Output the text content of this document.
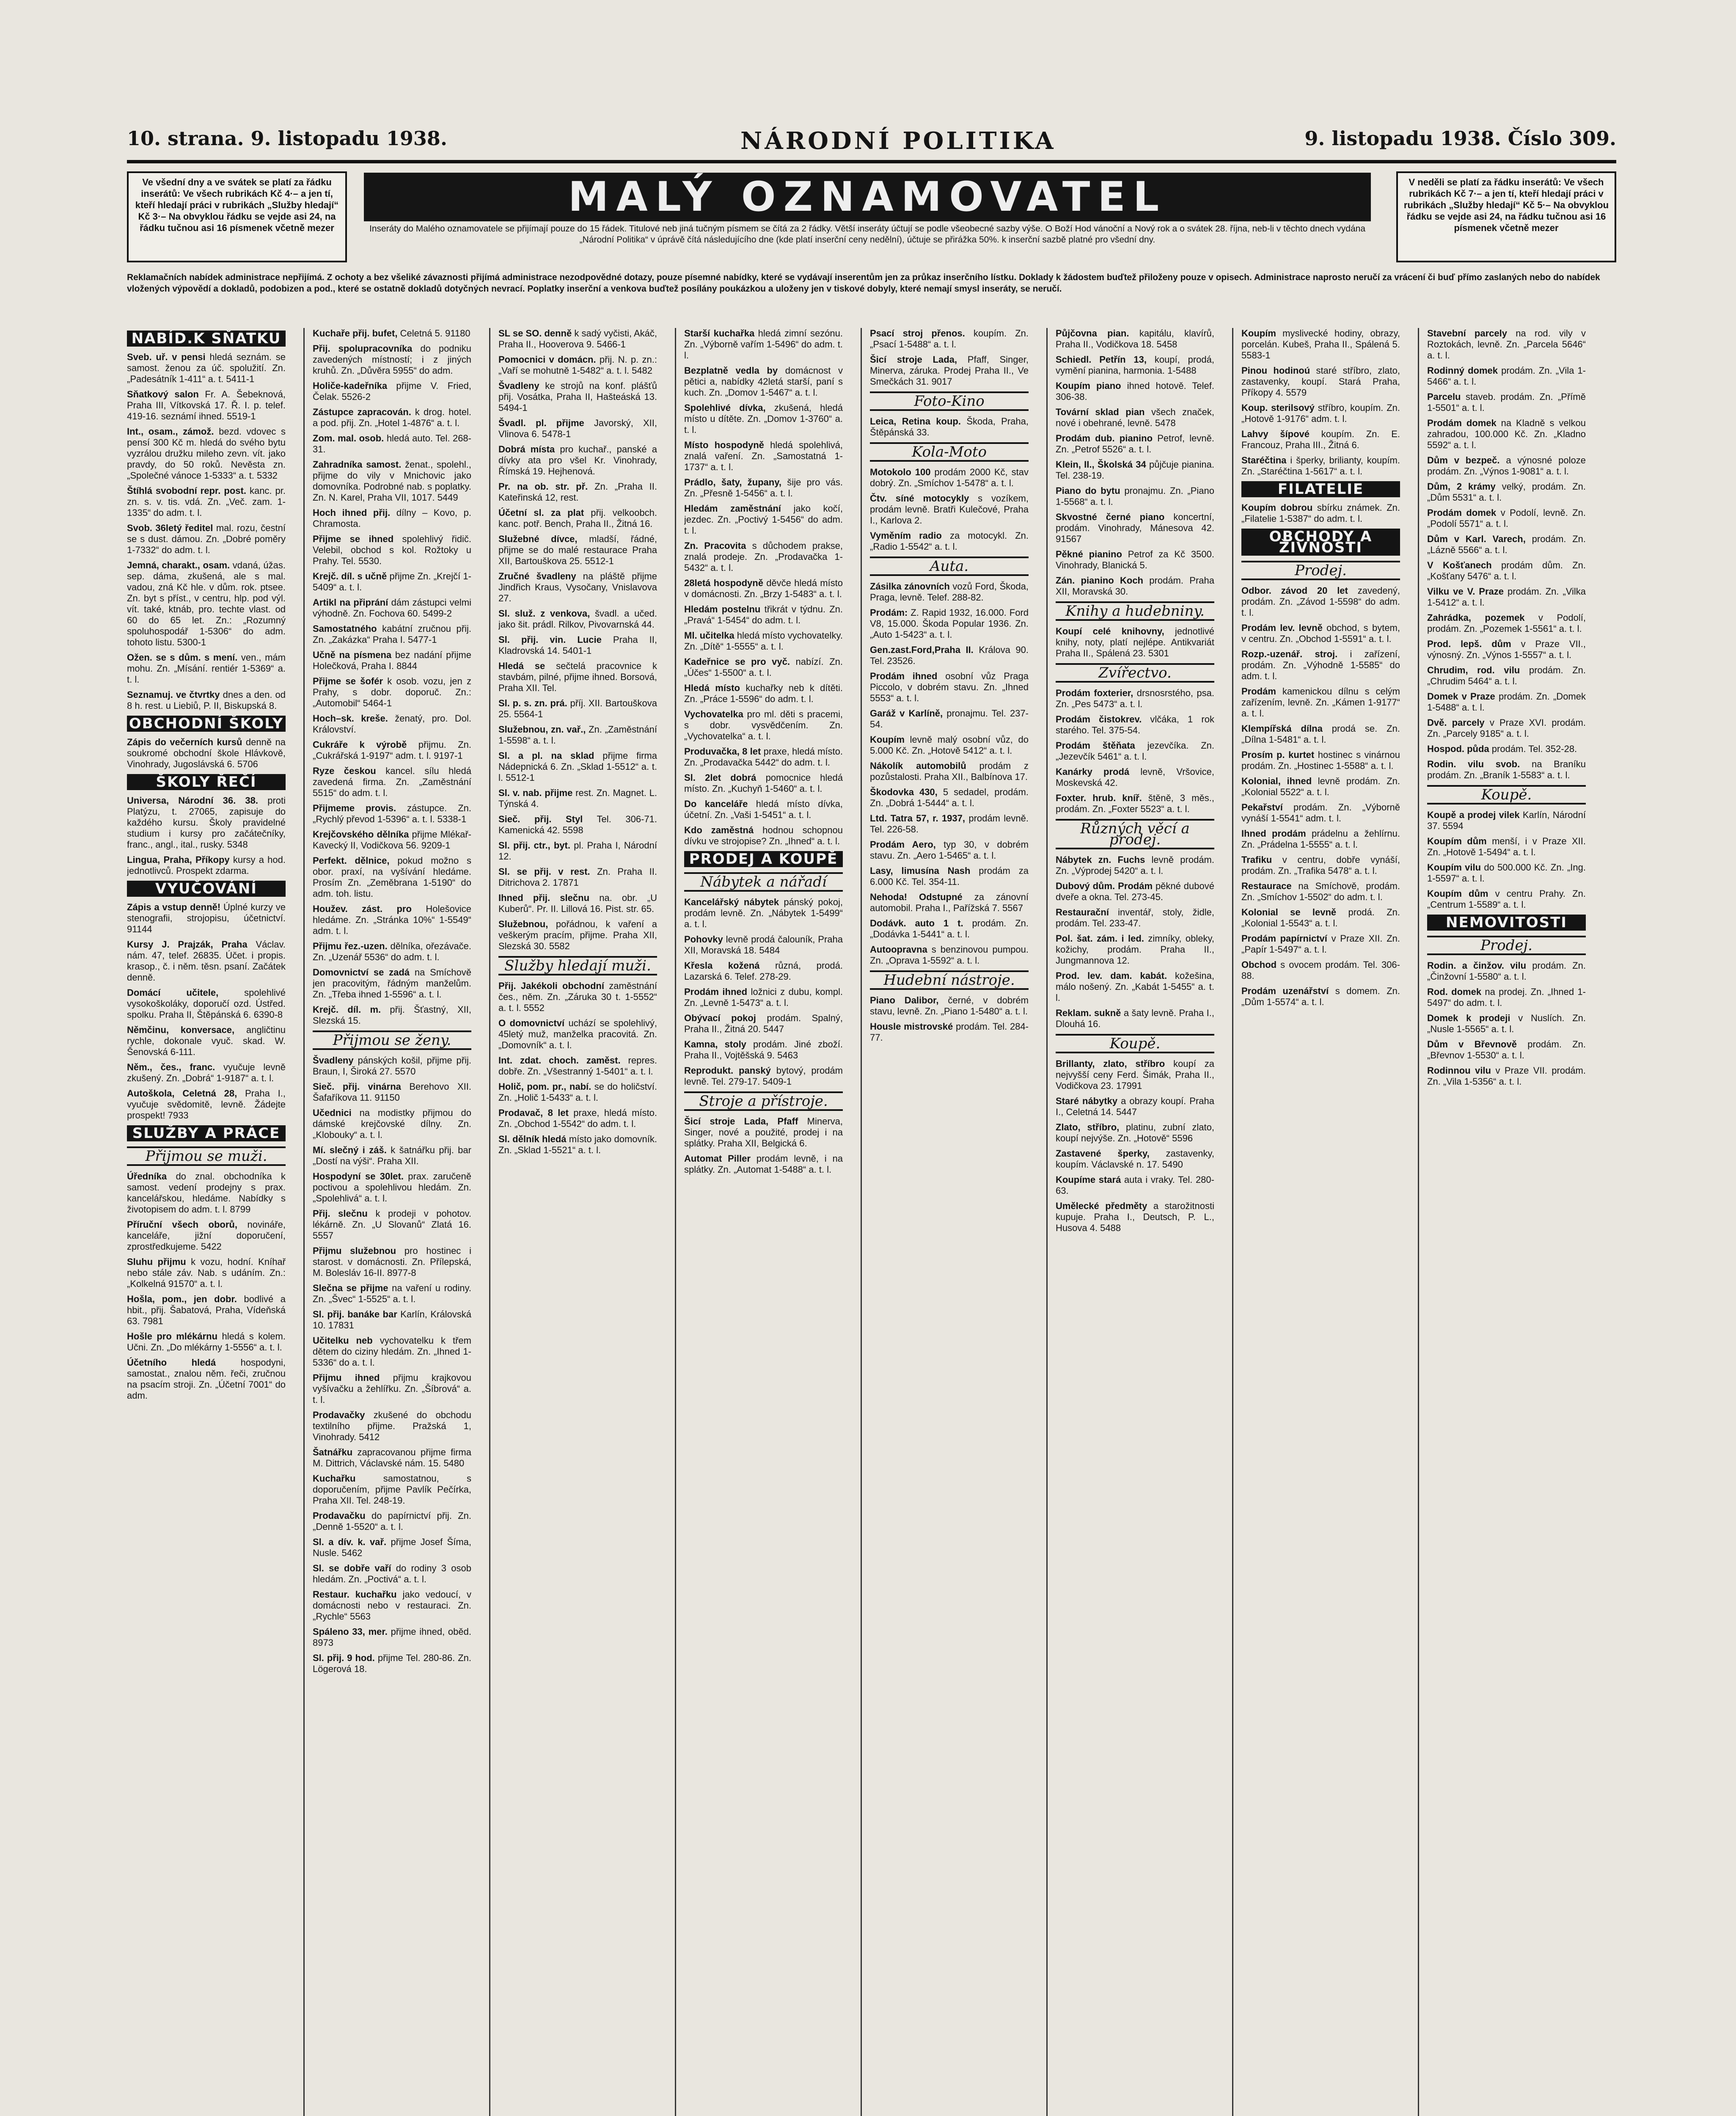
10. strana. 9. listopadu 1938.	NÁRODNÍ POLITIKA	9. listopadu 1938. Číslo 309.
Ve všední dny a ve svátek se platí za řádku inserátů: Ve všech rubrikách Kč 4·– a jen tí, kteří hledají práci v rubrikách „Služby hledají“ Kč 3·– Na obvyklou řádku se vejde asi 24, na řádku tučnou asi 16 písmenek včetně mezer
MALÝ OZNAMOVATEL
Inseráty do Malého oznamovatele se přijímají pouze do 15 řádek. Titulové neb jiná tučným písmem se čítá za 2 řádky. Větší inseráty účtují se podle všeobecné sazby výše. O Boží Hod vánoční a Nový rok a o svátek 28. října, neb-li v těchto dnech vydána „Národní Politika“ v úprávě čítá následujícího dne (kde platí inserční ceny nedělní), účtuje se přirážka 50%. k inserční sazbě platné pro všední dny.
V neděli se platí za řádku inserátů: Ve všech rubrikách Kč 7·– a jen tí, kteří hledají práci v rubrikách „Služby hledají“ Kč 5·– Na obvyklou řádku se vejde asi 24, na řádku tučnou asi 16 písmenek včetně mezer
Reklamačních nabídek administrace nepřijímá. Z ochoty a bez všeliké závaznosti přijímá administrace nezodpovědné dotazy, pouze písemné nabídky, které se vydávají inserentům jen za průkaz inserčního lístku. Doklady k žádostem buďtež přiloženy pouze v opisech. Administrace naprosto neručí za vrácení či buď přímo zaslaných nebo do nabídek vložených výpovědí a dokladů, podobizen a pod., které se ostatně dokladů dotyčných nevrací. Poplatky inserční a venkova buďtež posílány poukázkou a uloženy jen v tiskové dobyly, které nemají smysl inseráty, se neručí.
NABÍD.K SŇATKU
Sveb. uř. v pensi hledá seznám. se samost. ženou za úč. spolužití. Zn. „Padesátník 1-411“ a. t. 5411-1
Sňatkový salon Fr. A. Šebeknová, Praha III, Vítkovská 17. Ř. I. p. telef. 419-16. seznámí ihned. 5519-1
Int., osam., zámož. bezd. vdovec s pensí 300 Kč m. hledá do svého bytu vyzrálou družku mileho zevn. vít. jako pravdy, do 50 roků. Nevěsta zn. „Společné vánoce 1-5333“ a. t. 5332
Štíhlá svobodní repr. post. kanc. pr. zn. s. v. tis. vdá. Zn. „Več. zam. 1-1335“ do adm. t. l.
Svob. 36letý ředitel mal. rozu, čestní se s dust. dámou. Zn. „Dobré poměry 1-7332“ do adm. t. l.
Jemná, charakt., osam. vdaná, úžas. sep. dáma, zkušená, ale s mal. vadou, zná Kč hle. v dům. rok. ptsee. Zn. byt s příst., v centru, hlp. pod výl. vít. také, ktnáb, pro. techte vlast. od 60 do 65 let. Zn.: „Rozumný spoluhospodář 1-5306“ do adm. tohoto listu. 5300-1
Ožen. se s dům. s mení. ven., mám mohu. Zn. „Mísání. rentiér 1-5369“ a. t. l.
Seznamuj. ve čtvrtky dnes a den. od 8 h. rest. u Liebiů, P. II, Biskupská 8.
OBCHODNÍ ŠKOLY
Zápis do večerních kursů denně na soukromé obchodní škole Hlávkově, Vinohrady, Jugoslávská 6. 5706
ŠKOLY ŘEČÍ
Universa, Národní 36. 38. proti Platýzu, t. 27065, zapisuje do každého kursu. Školy pravidelné studium i kursy pro začátečníky, franc., angl., ital., rusky. 5348
Lingua, Praha, Příkopy kursy a hod. jednotlivců. Prospekt zdarma.
VYUČOVÁNÍ
Zápis a vstup denně! Úplné kurzy ve stenografii, strojopisu, účetnictví. 91144
Kursy J. Prajzák, Praha Václav. nám. 47, telef. 26835. Účet. i propis. krasop., č. i něm. těsn. psaní. Začátek denně.
Domácí učitele,	spolehlivé vysokoškoláky, doporučí ozd. Ústřed. spolku. Praha II, Štěpánská 6. 6390-8
Němčinu, konversace, angličtinu rychle, dokonale vyuč. skad. W. Šenovská 6-111.
Něm., čes., franc. vyučuje levně zkušený. Zn. „Dobrá“ 1-9187“ a. t. l.
Autoškola, Celetná 28, Praha I., vyučuje svědomitě, levně. Žádejte prospekt! 7933
SLUŽBY A PRÁCE
Přijmou se muži.
Úředníka do znal. obchodníka k samost. vedení prodejny s prax. kancelářskou, hledáme. Nabídky s životopisem do adm. t. l. 8799
Příruční všech oborů, novináře, kanceláře, jižní doporučení, zprostředkujeme. 5422
Sluhu přijmu k vozu, hodní. Kníhař nebo stále záv. Nab. s udáním. Zn.: „Kolkelná 91570“ a. t. l.
Hošla, pom., jen dobr. bodlivé a hbit., přij. Šabatová, Praha, Vídeňská 63. 7981
Hošle pro mlékárnu hledá s kolem. Učni. Zn. „Do mlékárny 1-5556“ a. t. l.
Účetního hledá	hospodyni, samostat., znalou něm. řeči, zručnou na psacím stroji. Zn. „Účetní 7001“ do adm.
Kuchaře přij. bufet, Celetná 5. 91180
Přij. spolupracovníka do podniku zavedených místností; i z jiných kruhů. Zn. „Důvěra 5955“ do adm.
Holiče-kadeřníka přijme V. Fried, Čelak. 5526-2
Zástupce zapracován. k drog. hotel. a pod. přij. Zn. „Hotel 1-4876“ a. t. l.
Zom. mal. osob. hledá auto. Tel. 268-31.
Zahradníka samost. ženat., spolehl., přijme do vily v Mnichovic jako domovníka. Podrobné nab. s poplatky. Zn. N. Karel, Praha VII, 1017. 5449
Hoch ihned přij. dílny – Kovo, p. Chramosta.
Přijme se ihned spolehlivý řidič. Velebil, obchod s kol. Rožtoky u Prahy. Tel. 5530.
Krejč. díl. s učně přijme Zn. „Krejčí 1-5409“ a. t. l.
Artikl na připrání dám zástupci velmi výhodně. Zn. Fochova 60. 5499-2
Samostatného kabátní zručnou přij. Zn. „Zakázka“ Praha I. 5477-1
Učně na písmena bez nadání přijme Holečková, Praha I. 8844
Přijme se šofér k osob. vozu, jen z Prahy, s dobr. doporuč. Zn.: „Automobil“ 5464-1
Hoch–sk. kreše. ženatý, pro. Dol. Království.
Cukráře k výrobě přijmu. Zn. „Cukrářská 1-9197“ adm. t. l. 9197-1
Ryze českou kancel. sílu hledá zavedená firma. Zn. „Zaměstnání 5515“ do adm. t. l.
Přijmeme provis. zástupce. Zn. „Rychlý převod 1-5396“ a. t. l. 5338-1
Krejčovského dělníka přijme Mlékař-Kavecký II, Vodičkova 56. 9209-1
Perfekt. dělnice, pokud možno s obor. praxí, na vyšívání hledáme. Prosím Zn. „Zeměbrana 1-5190“ do adm. toh. listu.
Houžev. zást. pro Holešovice hledáme. Zn. „Stránka 10%“ 1-5549“ adm. t. l.
Přijmu řez.-uzen. dělníka, ořezávače. Zn. „Uzenář 5536“ do adm. t. l.
Domovnictví se zadá na Smíchově jen pracovitým, řádným manželům. Zn. „Třeba ihned 1-5596“ a. t. l.
Krejč. díl. m. přij. Šťastný, XII, Slezská 15.
Přijmou se ženy.
Švadleny pánských košil, přijme přij. Braun, I, Široká 27. 5570
Sieč. přij. vinárna Berehovo XII. Šafaříkova 11. 91150
Učednici na modistky přijmou do dámské krejčovské dílny. Zn. „Klobouky“ a. t. l.
Mí. slečný i záš. k šatnářku přij. bar „Dostí na výši“. Praha XII.
Hospodyní se 30let. prax. zaručeně poctivou a spolehlivou hledám. Zn. „Spolehlivá“ a. t. l.
Přij. slečnu k prodeji v pohotov. lékárně. Zn. „U Slovanů“ Zlatá 16. 5557
Přijmu služebnou pro hostinec i starost. v domácnosti. Zn. Přílepská, M. Bolesláv 16-II. 8977-8
Slečna se přijme na vaření u rodiny. Zn. „Švec“ 1-5525“ a. t. l.
Sl. přij. banáke bar Karlín, Královská 10. 17831
Učitelku neb vychovatelku k třem dětem do ciziny hledám. Zn. „Ihned 1-5336“ do a. t. l.
Přijmu ihned přijmu krajkovou vyšívačku a žehlířku. Zn. „Šíbrová“ a. t. l.
Prodavačky zkušené do obchodu textilního přijme. Pražská 1, Vinohrady. 5412
Šatnářku zapracovanou přijme firma M. Dittrich, Václavské nám. 15. 5480
Kuchařku	samostatnou, s doporučením, přijme Pavlík Pečírka, Praha XII. Tel. 248-19.
Prodavačku do papírnictví přij. Zn. „Denně 1-5520“ a. t. l.
Sl. a dív. k. vař. přijme Josef Šíma, Nusle. 5462
Sl. se dobře vaří do rodiny 3 osob hledám. Zn. „Poctivá“ a. t. l.
Restaur. kuchařku jako vedoucí, v domácnosti nebo v restauraci. Zn. „Rychle“ 5563
Spáleno 33, mer. přijme ihned, oběd. 8973
Sl. přij. 9 hod. přijme Tel. 280-86. Zn. Lögerová 18.
SL se SO. denně k sadý vyčisti, Akáč, Praha II., Hooverova 9. 5466-1
Pomocnici v domácn. přij. N. p. zn.: „Vaří se mohutně 1-5482“ a. t. l. 5482
Švadleny ke strojů na konf. plášťů přij. Vosátka, Praha II, Hašteáská 13. 5494-1
Švadl. pl. přijme Javorský, XII, Vlinova 6. 5478-1
Dobrá místa pro kuchař., panské a dívky ata pro všel Kr. Vinohrady, Římská 19. Hejhenová.
Pr. na ob. str. př. Zn. „Praha II. Kateřinská 12, rest.
Účetní sl. za plat přij. velkoobch. kanc. potř. Bench, Praha II., Žitná 16.
Služebné dívce, mladší, řádné, přijme se do malé restaurace Praha XII, Bartouškova 25. 5512-1
Zručné švadleny na pláště přijme Jindřich Kraus, Vysočany, Vnislavova 27.
Sl. služ. z venkova, švadl. a učed. jako šit. prádl. Rilkov, Pivovarnská 44.
Sl. přij. vin. Lucie Praha II, Kladrovská 14. 5401-1
Hledá se sečtelá pracovnice k stavbám, pilné, přijme ihned. Borsová, Praha XII. Tel.
Sl. p. s. zn. prá. příj. XII. Bartouškova 25. 5564-1
Služebnou, zn. vař., Zn. „Zaměstnání 1-5598“ a. t. l.
Sl. a pl. na sklad přijme firma Nádepnická 6. Zn. „Sklad 1-5512“ a. t. l. 5512-1
Sl. v. nab. přijme rest. Zn. Magnet. L. Týnská 4.
Sieč. přij. Styl Tel. 306-71. Kamenická 42. 5598
Sl. přij. ctr., byt. pl. Praha I, Národní 12.
Sl. se přij. v rest. Zn. Praha II. Ditrichova 2. 17871
Ihned přij. slečnu na. obr. „U Kuberů“. Pr. II. Lillová 16. Pist. str. 65.
Služebnou, pořádnou, k vaření a veškerým pracím, přijme. Praha XII, Slezská 30. 5582
Služby hledají muži.
Přij. Jakékoli obchodní zaměstnání čes., něm. Zn. „Záruka 30 t. 1-5552“ a. t. l. 5552
O domovnictví uchází se spolehlivý, 45letý muž, manželka pracovitá. Zn. „Domovník“ a. t. l.
Int. zdat. choch. zaměst. repres. dobře. Zn. „Všestranný 1-5401“ a. t. l.
Holič, pom. pr., nabí. se do holičství. Zn. „Holič 1-5433“ a. t. l.
Prodavač, 8 let praxe, hledá místo. Zn. „Obchod 1-5542“ do adm. t. l.
Sl. dělník hledá místo jako domovník. Zn. „Sklad 1-5521“ a. t. l.
Starší kuchařka hledá zimní sezónu. Zn. „Výborně vařím 1-5496“ do adm. t. l.
Bezplatně vedla by domácnost v pětici a, nabídky 42letá starší, paní s kuch. Zn. „Domov 1-5467“ a. t. l.
Spolehlivé dívka, zkušená, hledá místo u dítěte. Zn. „Domov 1-3760“ a. t. l.
Místo hospodyně hledá spolehlivá, znalá vaření. Zn. „Samostatná 1-1737“ a. t. l.
Prádlo, šaty, župany, šije pro vás. Zn. „Přesně 1-5456“ a. t. l.
Hledám zaměstnání jako kočí, jezdec. Zn. „Poctivý 1-5456“ do adm. t. l.
Zn. Pracovita s důchodem prakse, znalá prodeje. Zn. „Prodavačka 1-5432“ a. t. l.
28letá hospodyně děvče hledá místo v domácnosti. Zn. „Brzy 1-5483“ a. t. l.
Hledám postelnu třikrát v týdnu. Zn. „Pravá“ 1-5454“ do adm. t. l.
Ml. učitelka hledá místo vychovatelky. Zn. „Dítě“ 1-5555“ a. t. l.
Kadeřnice se pro vyč. nabízí. Zn. „Účes“ 1-5500“ a. t. l.
Hledá místo kuchařky neb k dítěti. Zn. „Práce 1-5596“ do adm. t. l.
Vychovatelka pro ml. děti s pracemi, s dobr. vysvědčením. Zn. „Vychovatelka“ a. t. l.
Produvačka, 8 let praxe, hledá místo. Zn. „Prodavačka 5442“ do adm. t. l.
Sl. 2let dobrá pomocnice hledá místo. Zn. „Kuchyň 1-5460“ a. t. l.
Do kanceláře hledá místo dívka, účetní. Zn. „Vaši 1-5451“ a. t. l.
Kdo zaměstná hodnou schopnou dívku ve strojopise? Zn. „Ihned“ a. t. l.
PRODEJ A KOUPĚ
Nábytek a nářadí
Kancelářský nábytek pánský pokoj, prodám levně. Zn. „Nábytek 1-5499“ a. t. l.
Pohovky levně prodá čalouník, Praha XII, Moravská 18. 5484
Křesla kožená různá, prodá. Lazarská 6. Telef. 278-29.
Prodám ihned ložnici z dubu, kompl. Zn. „Levně 1-5473“ a. t. l.
Obývací pokoj prodám. Spalný, Praha II., Žitná 20. 5447
Kamna, stoly prodám. Jiné zboží. Praha II., Vojtěšská 9. 5463
Reprodukt. panský bytový, prodám levně. Tel. 279-17. 5409-1
Stroje a přístroje.
Šicí stroje Lada, Pfaff Minerva, Singer, nové a použité, prodej i na splátky. Praha XII, Belgická 6.
Automat Piller prodám levně, i na splátky. Zn. „Automat 1-5488“ a. t. l.
Psací stroj přenos. koupím. Zn. „Psací 1-5488“ a. t. l.
Šicí stroje Lada, Pfaff, Singer, Minerva, záruka. Prodej Praha II., Ve Smečkách 31. 9017
Foto-Kino
Leica, Retina koup. Škoda, Praha, Štěpánská 33.
Kola-Moto
Motokolo 100 prodám 2000 Kč, stav dobrý. Zn. „Smíchov 1-5478“ a. t. l.
Čtv. síné motocykly s vozíkem, prodám levně. Bratři Kulečové, Praha I., Karlova 2.
Vyměním radio za motocykl. Zn. „Radio 1-5542“ a. t. l.
Auta.
Zásilka zánovních vozů Ford, Škoda, Praga, levně. Telef. 288-82.
Prodám: Z. Rapid 1932, 16.000. Ford V8, 15.000. Škoda Popular 1936. Zn. „Auto 1-5423“ a. t. l.
Gen.zast.Ford,Praha II. Králova 90. Tel. 23526.
Prodám ihned osobní vůz Praga Piccolo, v dobrém stavu. Zn. „Ihned 5553“ a. t. l.
Garáž v Karlíně, pronajmu. Tel. 237-54.
Koupím levně malý osobní vůz, do 5.000 Kč. Zn. „Hotově 5412“ a. t. l.
Nákolík automobilů prodám z pozůstalosti. Praha XII., Balbínova 17.
Škodovka 430, 5 sedadel, prodám. Zn. „Dobrá 1-5444“ a. t. l.
Ltd. Tatra 57, r. 1937, prodám levně. Tel. 226-58.
Prodám Aero, typ 30, v dobrém stavu. Zn. „Aero 1-5465“ a. t. l.
Lasy, limusína Nash prodám za 6.000 Kč. Tel. 354-11.
Nehoda! Odstupné za zánovní automobil. Praha I., Pařížská 7. 5567
Dodávk. auto 1 t. prodám. Zn. „Dodávka 1-5441“ a. t. l.
Autoopravna s benzinovou pumpou. Zn. „Oprava 1-5592“ a. t. l.
Hudební nástroje.
Piano Dalibor, černé, v dobrém stavu, levně. Zn. „Piano 1-5480“ a. t. l.
Housle mistrovské prodám. Tel. 284-77.
Půjčovna pian. kapitálu, klavírů, Praha II., Vodičkova 18. 5458
Schiedl. Petřín 13, koupí, prodá, vymění pianina, harmonia. 1-5488
Koupím piano ihned hotově. Telef. 306-38.
Tovární sklad pian všech značek, nové i obehrané, levně. 5478
Prodám dub. pianino Petrof, levně. Zn. „Petrof 5526“ a. t. l.
Klein, II., Školská 34 půjčuje pianina. Tel. 238-19.
Piano do bytu pronajmu. Zn. „Piano 1-5568“ a. t. l.
Skvostné černé piano koncertní, prodám. Vinohrady, Mánesova 42. 91567
Pěkné pianino Petrof za Kč 3500. Vinohrady, Blanická 5.
Zán. pianino Koch prodám. Praha XII, Moravská 30.
Knihy a hudebniny.
Koupí celé knihovny, jednotlivé knihy, noty, platí nejlépe. Antikvariát Praha II., Spálená 23. 5301
Zvířectvo.
Prodám foxterier, drsnosrstého, psa. Zn. „Pes 5473“ a. t. l.
Prodám čistokrev. vlčáka, 1 rok starého. Tel. 375-54.
Prodám štěňata jezevčíka. Zn. „Jezevčík 5461“ a. t. l.
Kanárky prodá levně, Vršovice, Moskevská 42.
Foxter. hrub. kníř. štěně, 3 měs., prodám. Zn. „Foxter 5523“ a. t. l.
Různých věcí a prodej.
Nábytek zn. Fuchs levně prodám. Zn. „Výprodej 5420“ a. t. l.
Dubový dům. Prodám pěkné dubové dveře a okna. Tel. 273-45.
Restaurační inventář, stoly, židle, prodám. Tel. 233-47.
Pol. šat. zám. i led. zimníky, obleky, kožichy, prodám. Praha II., Jungmannova 12.
Prod. lev. dam. kabát. kožešina, málo nošený. Zn. „Kabát 1-5455“ a. t. l.
Reklam. sukně a šaty levně. Praha I., Dlouhá 16.
Koupě.
Brillanty, zlato, stříbro koupí za nejvyšší ceny Ferd. Šimák, Praha II., Vodičkova 23. 17991
Staré nábytky a obrazy koupí. Praha I., Celetná 14. 5447
Zlato, stříbro, platinu, zubní zlato, koupí nejvýše. Zn. „Hotově“ 5596
Zastavené šperky, zastavenky, koupím. Václavské n. 17. 5490
Koupíme stará auta i vraky. Tel. 280-63.
Umělecké předměty a starožitnosti kupuje. Praha I., Deutsch, P. L., Husova 4. 5488
Koupím myslivecké hodiny, obrazy, porcelán. Kubeš, Praha II., Spálená 5. 5583-1
Pinou hodinoú staré stříbro, zlato, zastavenky, koupí. Stará Praha, Příkopy 4. 5579
Koup. sterilsový stříbro, koupím. Zn. „Hotově 1-9176“ adm. t. l.
Lahvy šípové koupím. Zn. E. Francouz, Praha III., Žitná 6.
Staréčtina i šperky, brilianty, koupím. Zn. „Staréčtina 1-5617“ a. t. l.
FILATELIE
Koupím dobrou sbírku známek. Zn. „Filatelie 1-5387“ do adm. t. l.
OBCHODY A ŽIVNOSTI
Prodej.
Odbor. závod 20 let zavedený, prodám. Zn. „Závod 1-5598“ do adm. t. l.
Prodám lev. levně obchod, s bytem, v centru. Zn. „Obchod 1-5591“ a. t. l.
Rozp.-uzenář. stroj. i zařízení, prodám. Zn. „Výhodně 1-5585“ do adm. t. l.
Prodám kamenickou dílnu s celým zařízením, levně. Zn. „Kámen 1-9177“ a. t. l.
Klempířská dílna prodá se. Zn. „Dílna 1-5481“ a. t. l.
Prosím p. kurtet hostinec s vinárnou prodám. Zn. „Hostinec 1-5588“ a. t. l.
Kolonial, ihned levně prodám. Zn. „Kolonial 5522“ a. t. l.
Pekařství prodám. Zn. „Výborně vynáší 1-5541“ adm. t. l.
Ihned prodám prádelnu a žehlírnu. Zn. „Prádelna 1-5555“ a. t. l.
Trafiku v centru, dobře vynáší, prodám. Zn. „Trafika 5478“ a. t. l.
Restaurace na Smíchově, prodám. Zn. „Smíchov 1-5502“ do adm. t. l.
Kolonial se levně prodá. Zn. „Kolonial 1-5543“ a. t. l.
Prodám papírnictví v Praze XII. Zn. „Papír 1-5497“ a. t. l.
Obchod s ovocem prodám. Tel. 306-88.
Prodám uzenářství s domem. Zn. „Dům 1-5574“ a. t. l.
Stavební parcely na rod. vily v Roztokách, levně. Zn. „Parcela 5646“ a. t. l.
Rodinný domek prodám. Zn. „Vila 1-5466“ a. t. l.
Parcelu staveb. prodám. Zn. „Přímě 1-5501“ a. t. l.
Prodám domek na Kladně s velkou zahradou, 100.000 Kč. Zn. „Kladno 5592“ a. t. l.
Dům v bezpeč. a výnosné poloze prodám. Zn. „Výnos 1-9081“ a. t. l.
Dům, 2 krámy velký, prodám. Zn. „Dům 5531“ a. t. l.
Prodám domek v Podolí, levně. Zn. „Podolí 5571“ a. t. l.
Dům v Karl. Varech, prodám. Zn. „Lázně 5566“ a. t. l.
V Košťanech prodám dům. Zn. „Košťany 5476“ a. t. l.
Vilku ve V. Praze prodám. Zn. „Vilka 1-5412“ a. t. l.
Zahrádka, pozemek v Podolí, prodám. Zn. „Pozemek 1-5561“ a. t. l.
Prod. lepš. dům v Praze VII., výnosný. Zn. „Výnos 1-5557“ a. t. l.
Chrudim, rod. vilu prodám. Zn. „Chrudim 5464“ a. t. l.
Domek v Praze prodám. Zn. „Domek 1-5488“ a. t. l.
Dvě. parcely v Praze XVI. prodám. Zn. „Parcely 9185“ a. t. l.
Hospod. půda prodám. Tel. 352-28.
Rodin. vilu svob. na Braníku prodám. Zn. „Braník 1-5583“ a. t. l.
Koupě.
Koupě a prodej vilek Karlín, Národní 37. 5594
Koupím dům menší, i v Praze XII. Zn. „Hotově 1-5494“ a. t. l.
Koupím vilu do 500.000 Kč. Zn. „Ing. 1-5597“ a. t. l.
Koupím dům v centru Prahy. Zn. „Centrum 1-5589“ a. t. l.
NEMOVITOSTI
Prodej.
Rodin. a činžov. vilu prodám. Zn. „Činžovní 1-5580“ a. t. l.
Rod. domek na prodej. Zn. „Ihned 1-5497“ do adm. t. l.
Domek k prodeji v Nuslích. Zn. „Nusle 1-5565“ a. t. l.
Dům v Břevnově prodám. Zn. „Břevnov 1-5530“ a. t. l.
Rodinnou vilu v Praze VII. prodám. Zn. „Vila 1-5356“ a. t. l.
